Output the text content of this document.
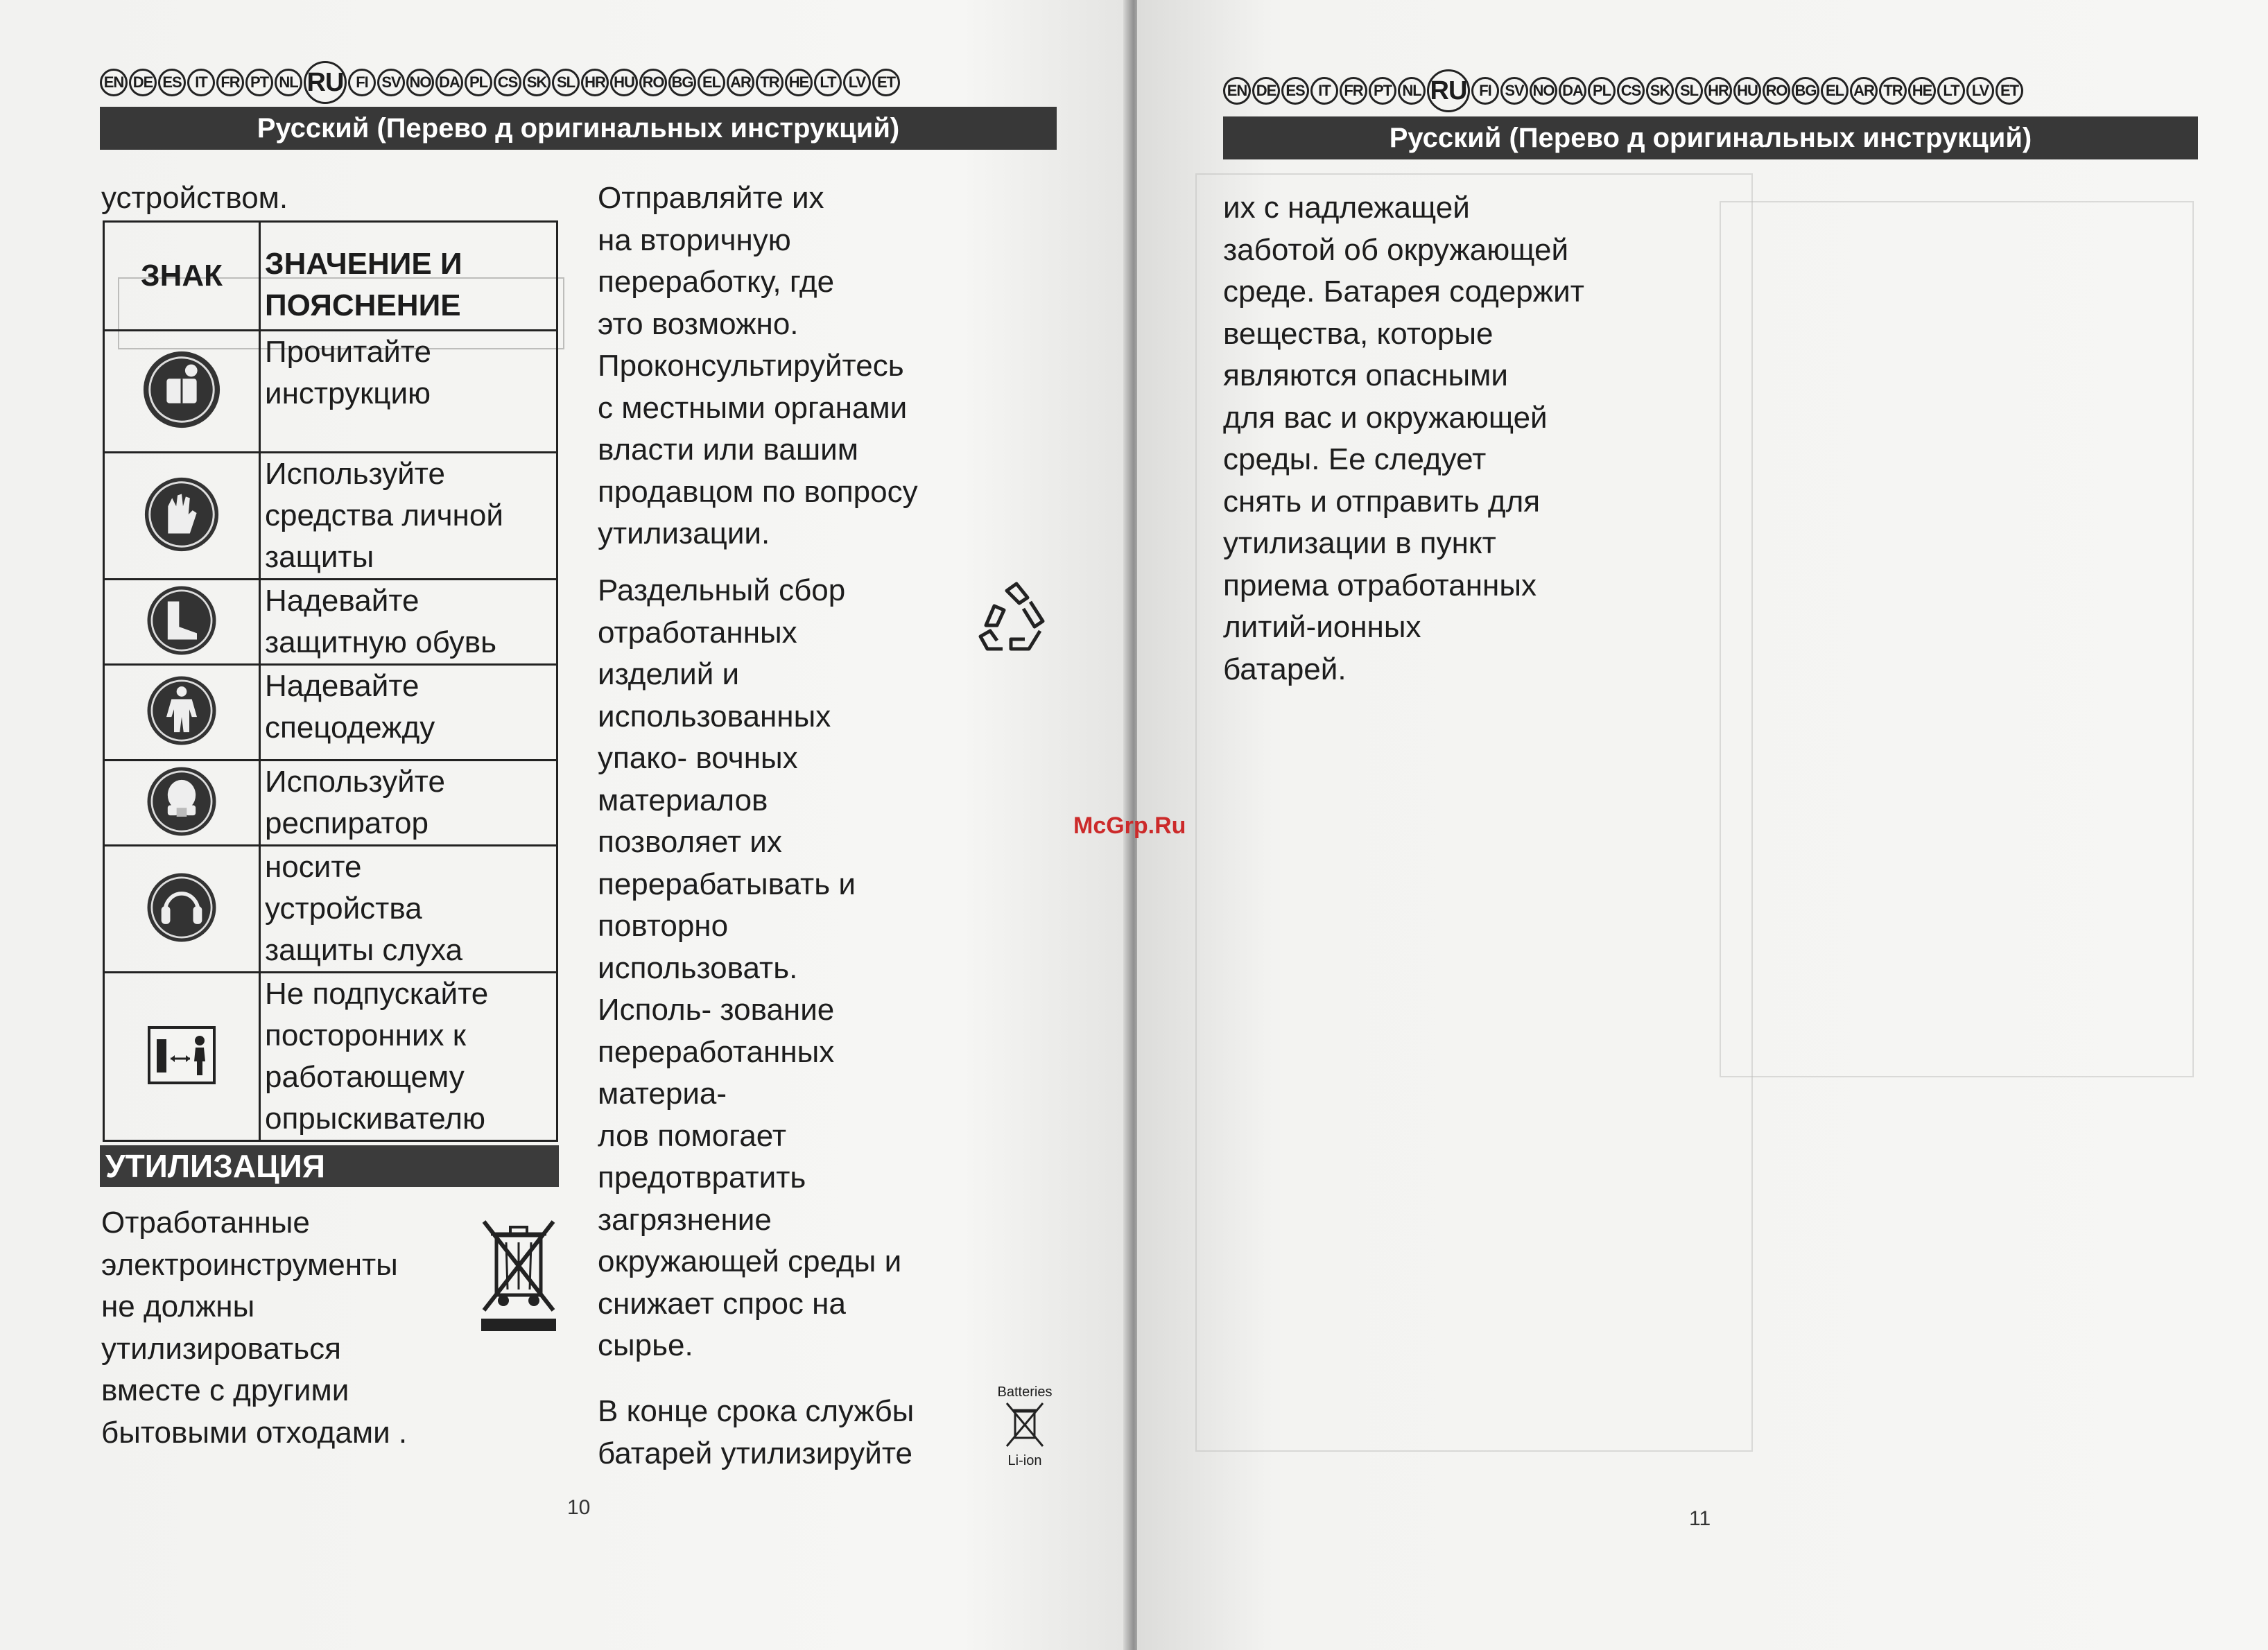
EN DE ES IT FR PT NL RU FI SV NO DA PL CS SK SL HR HU RO BG EL AR TR HE LT LV ET
Русский (Перево д оригинальных инструкций)

устройством.

ЗНАК	ЗНАЧЕНИЕ И
ПОЯСНЕНИЕ

Прочитайте
инструкцию

Используйте
средства личной
защиты

Надевайте
защитную обувь

Надевайте
спецодежду

Используйте
респиратор

носите
устройства
защиты слуха

Не подпускайте
посторонних к
работающему
опрыскивателю
УТИЛИЗАЦИЯ

Отработанные

электроинструменты

не должны

утилизироваться

вместе с другими

бытовыми отходами .

Отправляйте их

на вторичную

переработку, где

это возможно.

Проконсультируйтесь

с местными органами

власти или вашим

продавцом по вопросу

утилизации.

Раздельный сбор

отработанных

изделий и

использованных

упако- вочных

материалов

позволяет их

перерабатывать и

повторно

использовать.

Исполь- зование

переработанных

материа-

лов помогает

предотвратить

загрязнение

окружающей среды и

снижает спрос на

сырье.

В конце срока службы

батарей утилизируйте

Batteries
Li-ion
10
EN DE ES IT FR PT NL RU FI SV NO DA PL CS SK SL HR HU RO BG EL AR TR HE LT LV ET
Русский (Перево д оригинальных инструкций)

их с надлежащей

заботой об окружающей

среде. Батарея содержит

вещества, которые

являются опасными

для вас и окружающей

среды. Ее следует

снять и отправить для

утилизации в пункт

приема отработанных

литий-ионных

батарей.

11
McGrp.Ru
